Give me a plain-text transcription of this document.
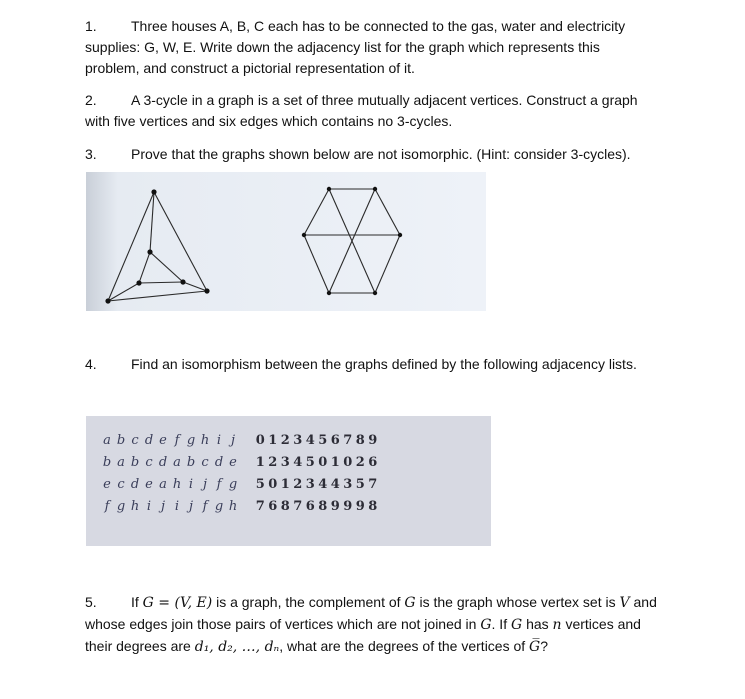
1. Three houses A, B, C each has to be connected to the gas, water and electricity
supplies: G, W, E. Write down the adjacency list for the graph which represents this
problem, and construct a pictorial representation of it.
2. A 3-cycle in a graph is a set of three mutually adjacent vertices. Construct a graph
with five vertices and six edges which contains no 3-cycles.
3. Prove that the graphs shown below are not isomorphic. (Hint: consider 3-cycles).
4. Find an isomorphism between the graphs defined by the following adjacency lists.
a	b	c	d	e	f	g	h	i	j		0	1	2	3	4	5	6	7	8	9
b	a	b	c	d	a	b	c	d	e		1	2	3	4	5	0	1	0	2	6
e	c	d	e	a	h	i	j	f	g		5	0	1	2	3	4	4	3	5	7
f	g	h	i	j	i	j	f	g	h		7	6	8	7	6	8	9	9	9	8
5. If G = (V, E) is a graph, the complement of G is the graph whose vertex set is V and
whose edges join those pairs of vertices which are not joined in G. If G has n vertices and
their degrees are d₁, d₂, …, dₙ, what are the degrees of the vertices of G̅?
